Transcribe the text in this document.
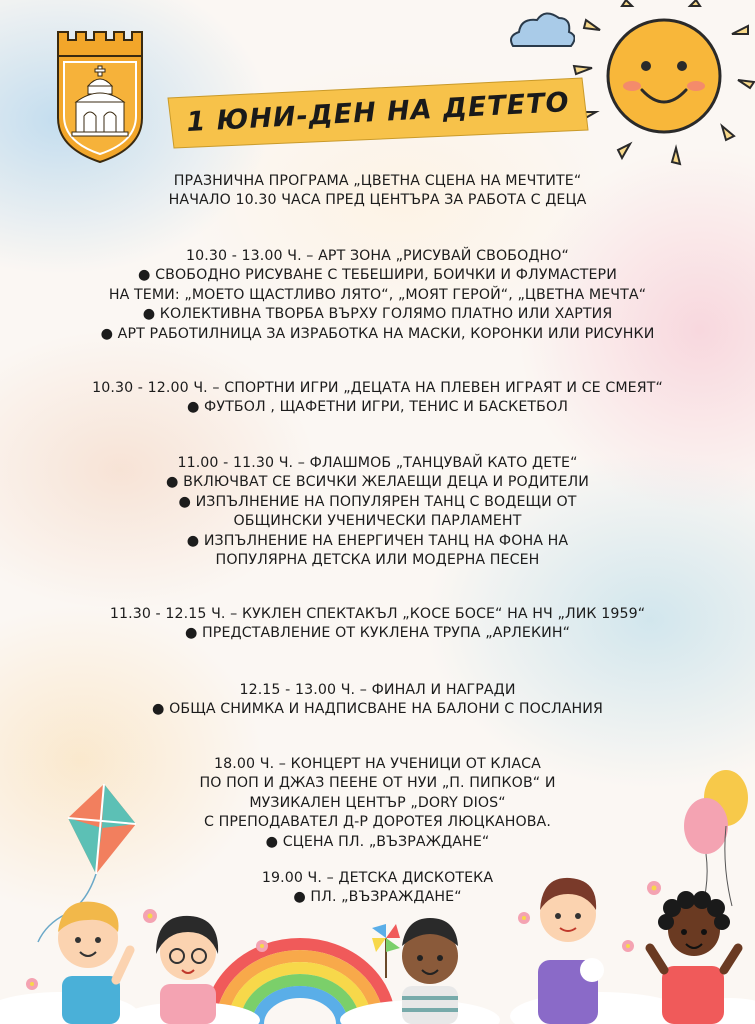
1 ЮНИ-ДЕН НА ДЕТЕТО
ПРАЗНИЧНА ПРОГРАМА „ЦВЕТНА СЦЕНА НА МЕЧТИТЕ“
НАЧАЛО 10.30 ЧАСА ПРЕД ЦЕНТЪРА ЗА РАБОТА С ДЕЦА
10.30 - 13.00 Ч. – АРТ ЗОНА „РИСУВАЙ СВОБОДНО“
● СВОБОДНО РИСУВАНЕ С ТЕБЕШИРИ, БОИЧКИ И ФЛУМАСТЕРИ
НА ТЕМИ: „МОЕТО ЩАСТЛИВО ЛЯТО“, „МОЯТ ГЕРОЙ“, „ЦВЕТНА МЕЧТА“
● КОЛЕКТИВНА ТВОРБА ВЪРХУ ГОЛЯМО ПЛАТНО ИЛИ ХАРТИЯ
● АРТ РАБОТИЛНИЦА ЗА ИЗРАБОТКА НА МАСКИ, КОРОНКИ ИЛИ РИСУНКИ
10.30 - 12.00 Ч. – СПОРТНИ ИГРИ „ДЕЦАТА НА ПЛЕВЕН ИГРАЯТ И СЕ СМЕЯТ“
● ФУТБОЛ , ЩАФЕТНИ ИГРИ, ТЕНИС И БАСКЕТБОЛ
11.00 - 11.30 Ч. – ФЛАШМОБ „ТАНЦУВАЙ КАТО ДЕТЕ“
● ВКЛЮЧВАТ СЕ ВСИЧКИ ЖЕЛАЕЩИ ДЕЦА И РОДИТЕЛИ
● ИЗПЪЛНЕНИЕ НА ПОПУЛЯРЕН ТАНЦ С ВОДЕЩИ ОТ
ОБЩИНСКИ УЧЕНИЧЕСКИ ПАРЛАМЕНТ
● ИЗПЪЛНЕНИЕ НА ЕНЕРГИЧЕН ТАНЦ НА ФОНА НА
ПОПУЛЯРНА ДЕТСКА ИЛИ МОДЕРНА ПЕСЕН
11.30 - 12.15 Ч. – КУКЛЕН СПЕКТАКЪЛ „КОСЕ БОСЕ“ НА НЧ „ЛИК 1959“
● ПРЕДСТАВЛЕНИЕ ОТ КУКЛЕНА ТРУПА „АРЛЕКИН“
12.15 - 13.00 Ч. – ФИНАЛ И НАГРАДИ
● ОБЩА СНИМКА И НАДПИСВАНЕ НА БАЛОНИ С ПОСЛАНИЯ
18.00 Ч. – КОНЦЕРТ НА УЧЕНИЦИ ОТ КЛАСА
ПО ПОП И ДЖАЗ ПЕЕНЕ ОТ НУИ „П. ПИПКОВ“ И
МУЗИКАЛЕН ЦЕНТЪР „DORY DIOS“
С ПРЕПОДАВАТЕЛ Д-Р ДОРОТЕЯ ЛЮЦКАНОВА.
● СЦЕНА ПЛ. „ВЪЗРАЖДАНЕ“
19.00 Ч. – ДЕТСКА ДИСКОТЕКА
● ПЛ. „ВЪЗРАЖДАНЕ“
